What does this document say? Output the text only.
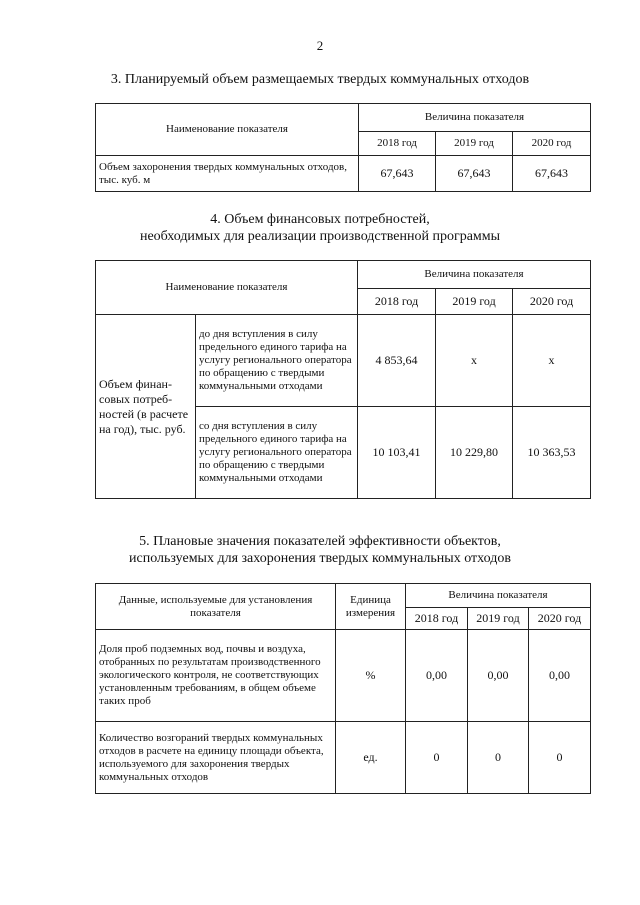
2
3. Планируемый объем размещаемых твердых коммунальных отходов
Наименование показателя	Величина показателя		
	2018 год	2019 год	2020 год
Объем захоронения твердых коммунальных отходов, тыс. куб. м	67,643	67,643	67,643
4. Объем финансовых потребностей,
необходимых для реализации производственной программы
Наименование показателя		Величина показателя		
		2018 год	2019 год	2020 год
Объем финан-совых потреб-ностей (в расчете на год), тыс. руб.	до дня вступления в силу предельного единого тарифа на услугу регионального оператора по обращению с твердыми коммунальными отходами	4 853,64	х	х
	со дня вступления в силу предельного единого тарифа на услугу регионального оператора по обращению с твердыми коммунальными отходами	10 103,41	10 229,80	10 363,53
5. Плановые значения показателей эффективности объектов,
используемых для захоронения твердых коммунальных отходов
Данные, используемые для установления показателя	Единица измерения	Величина показателя		
		2018 год	2019 год	2020 год
Доля проб подземных вод, почвы и воздуха, отобранных по результатам производственного экологического контроля, не соответствующих установленным требованиям, в общем объеме таких проб	%	0,00	0,00	0,00
Количество возгораний твердых коммунальных отходов в расчете на единицу площади объекта, используемого для захоронения твердых коммунальных отходов	ед.	0	0	0
